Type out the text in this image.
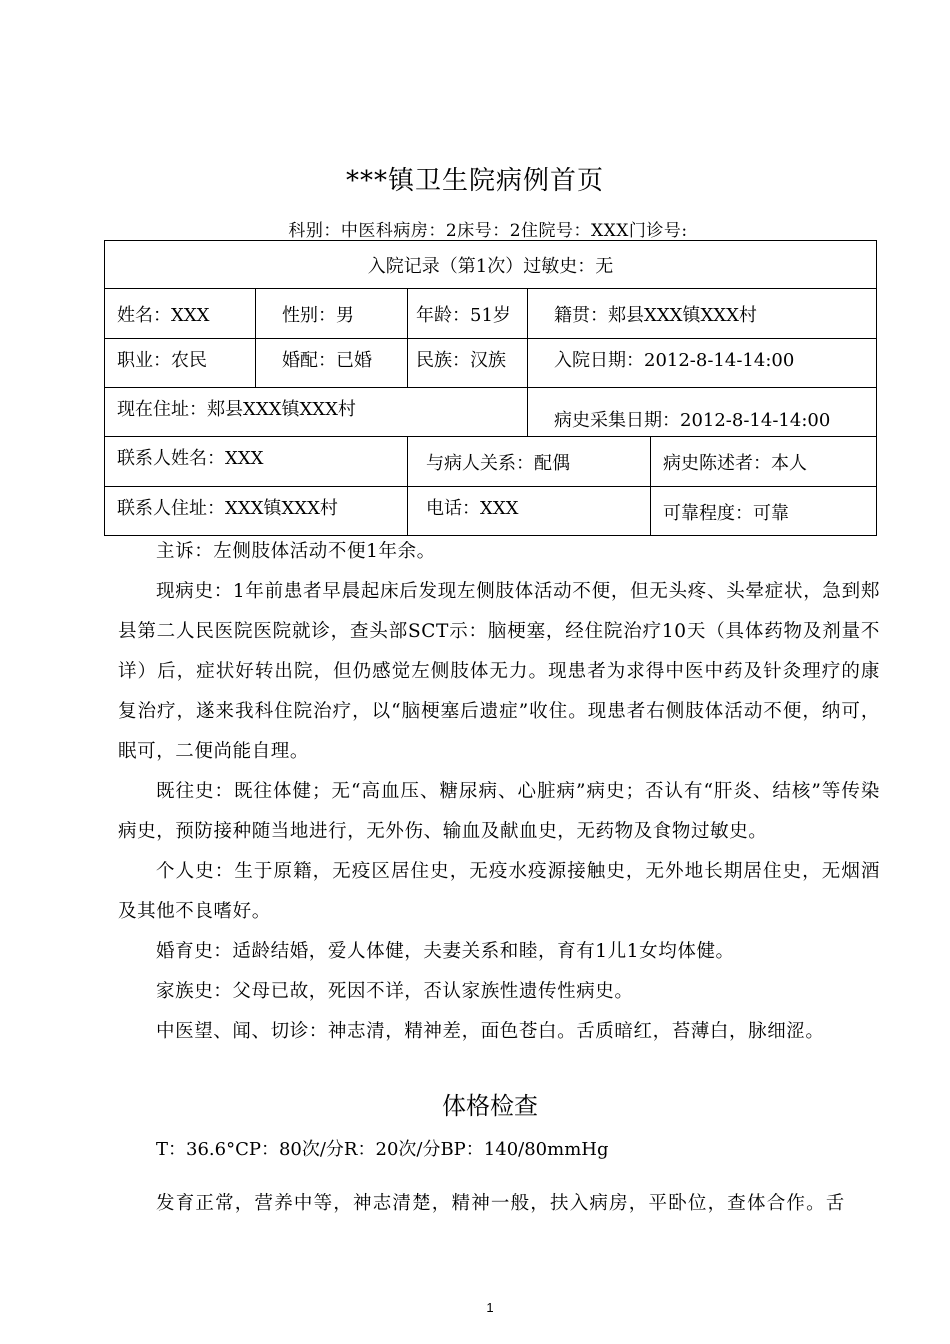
***镇卫生院病例首页
科别：中医科病房：2床号：2住院号：XXX门诊号:
入院记录（第1次）过敏史：无				
姓名：XXX	性别：男	年龄：51岁	籍贯：郏县XXX镇XXX村	
职业：农民	婚配：已婚	民族：汉族	入院日期：2012-8-14-14:00	
现在住址：郏县XXX镇XXX村			病史采集日期：2012-8-14-14:00	
联系人姓名：XXX		与病人关系：配偶		病史陈述者：本人
联系人住址：XXX镇XXX村		电话：XXX		可靠程度：可靠

主诉：左侧肢体活动不便1年余。

现病史：1年前患者早晨起床后发现左侧肢体活动不便，但无头疼、头晕症状，急到郏县第二人民医院医院就诊，查头部SCT示：脑梗塞，经住院治疗10天（具体药物及剂量不详）后，症状好转出院，但仍感觉左侧肢体无力。现患者为求得中医中药及针灸理疗的康复治疗，遂来我科住院治疗，以“脑梗塞后遗症”收住。现患者右侧肢体活动不便，纳可，眠可，二便尚能自理。

既往史：既往体健；无“高血压、糖尿病、心脏病”病史；否认有“肝炎、结核”等传染病史，预防接种随当地进行，无外伤、输血及献血史，无药物及食物过敏史。

个人史：生于原籍，无疫区居住史，无疫水疫源接触史，无外地长期居住史，无烟酒及其他不良嗜好。

婚育史：适龄结婚，爱人体健，夫妻关系和睦，育有1儿1女均体健。

家族史：父母已故，死因不详，否认家族性遗传性病史。

中医望、闻、切诊：神志清，精神差，面色苍白。舌质暗红，苔薄白，脉细涩。

体格检查
T：36.6°CP：80次/分R：20次/分BP：140/80mmHg

发育正常，营养中等，神志清楚，精神一般，扶入病房，平卧位，查体合作。舌

1
